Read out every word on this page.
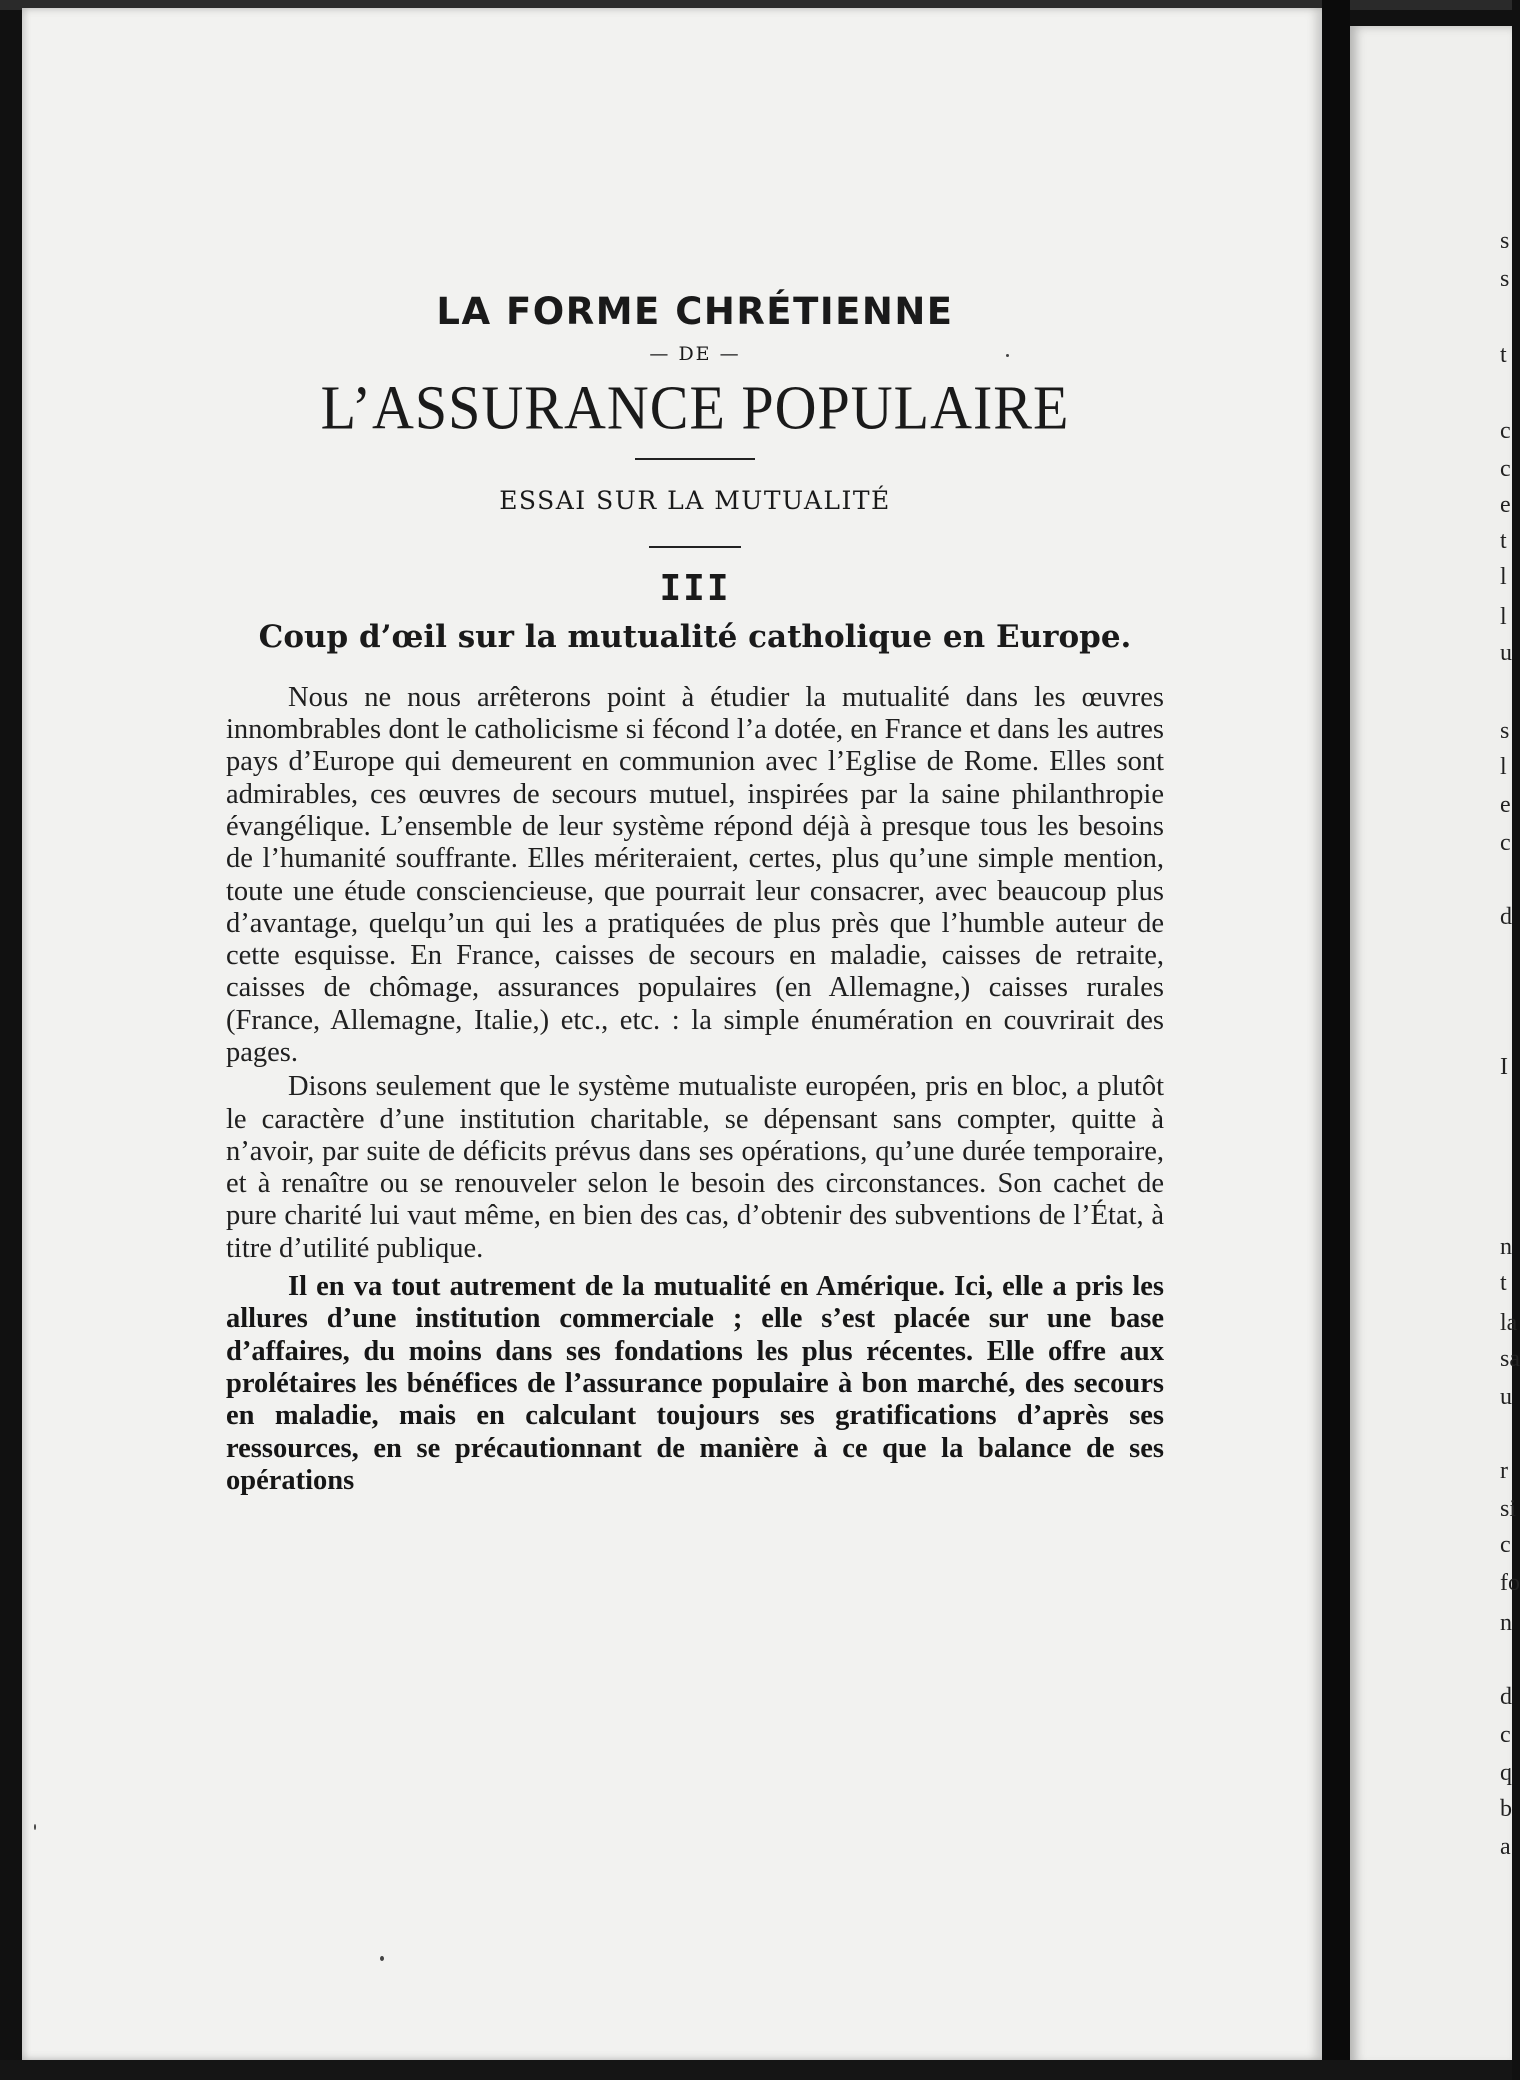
LA FORME CHRÉTIENNE
— DE —
L’ASSURANCE POPULAIRE
ESSAI SUR LA MUTUALITÉ
III
Coup d’œil sur la mutualité catholique en Europe.

Nous ne nous arrêterons point à étudier la mutualité dans les œuvres innombrables dont le catholicisme si fécond l’a dotée, en France et dans les autres pays d’Europe qui demeurent en communion avec l’Eglise de Rome. Elles sont admirables, ces œuvres de secours mutuel, inspirées par la saine philanthropie évangélique. L’ensemble de leur système répond déjà à presque tous les besoins de l’humanité souffrante. Elles mériteraient, certes, plus qu’une simple mention, toute une étude consciencieuse, que pourrait leur consacrer, avec beaucoup plus d’avantage, quelqu’un qui les a pratiquées de plus près que l’humble auteur de cette esquisse. En France, caisses de secours en maladie, caisses de retraite, caisses de chômage, assurances populaires (en Allemagne,) caisses rurales (France, Allemagne, Italie,) etc., etc. : la simple énumération en couvrirait des pages.

Disons seulement que le système mutualiste européen, pris en bloc, a plutôt le caractère d’une institution charitable, se dépensant sans compter, quitte à n’avoir, par suite de déficits prévus dans ses opérations, qu’une durée temporaire, et à renaître ou se renouveler selon le besoin des circonstances. Son cachet de pure charité lui vaut même, en bien des cas, d’obtenir des subventions de l’État, à titre d’utilité publique.

Il en va tout autrement de la mutualité en Amérique. Ici, elle a pris les allures d’une institution commerciale ; elle s’est placée sur une base d’affaires, du moins dans ses fondations les plus récentes. Elle offre aux prolétaires les bénéfices de l’assurance populaire à bon marché, des secours en maladie, mais en calculant toujours ses gratifications d’après ses ressources, en se précautionnant de manière à ce que la balance de ses opérations

s
s
t
c
c
e
t
l
l
u
s
l
e
c
d
I
n
t
la
sa
u
r
si
c
fo
n
d
c
q
b
a
